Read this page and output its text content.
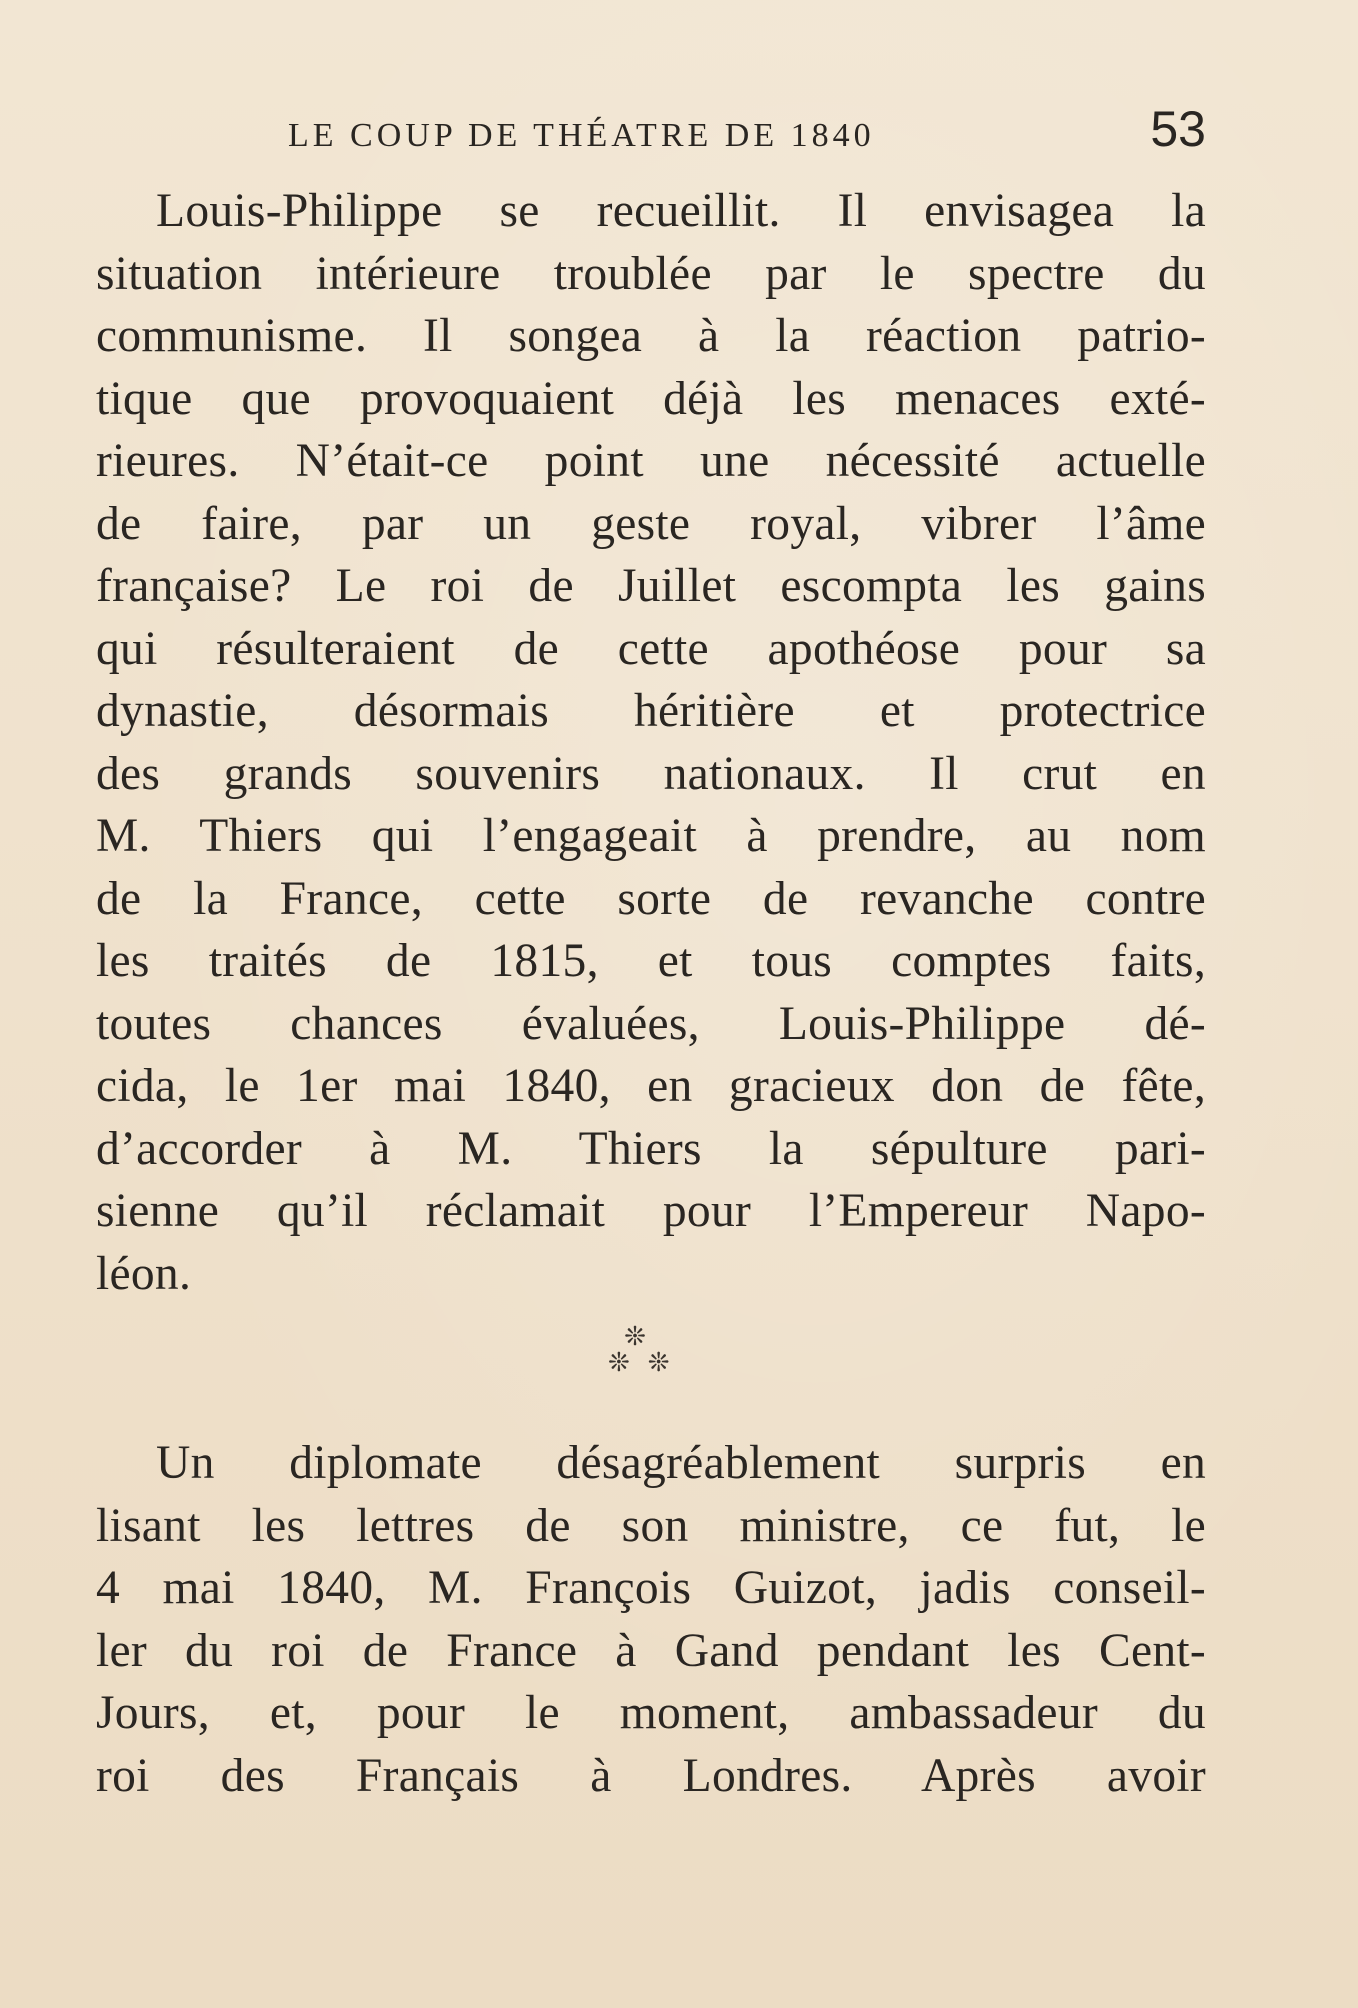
LE COUP DE THÉATRE DE 1840	53
Louis-Philippe se recueillit. Il envisagea la
situation intérieure troublée par le spectre du
communisme. Il songea à la réaction patrio-
tique que provoquaient déjà les menaces exté-
rieures. N’était-ce point une nécessité actuelle
de faire, par un geste royal, vibrer l’âme
française? Le roi de Juillet escompta les gains
qui résulteraient de cette apothéose pour sa
dynastie, désormais héritière et protectrice
des grands souvenirs nationaux. Il crut en
M. Thiers qui l’engageait à prendre, au nom
de la France, cette sorte de revanche contre
les traités de 1815, et tous comptes faits,
toutes chances évaluées, Louis-Philippe dé-
cida, le 1er mai 1840, en gracieux don de fête,
d’accorder à M. Thiers la sépulture pari-
sienne qu’il réclamait pour l’Empereur Napo-
léon.
❊
❊❊
Un diplomate désagréablement surpris en
lisant les lettres de son ministre, ce fut, le
4 mai 1840, M. François Guizot, jadis conseil-
ler du roi de France à Gand pendant les Cent-
Jours, et, pour le moment, ambassadeur du
roi des Français à Londres. Après avoir
